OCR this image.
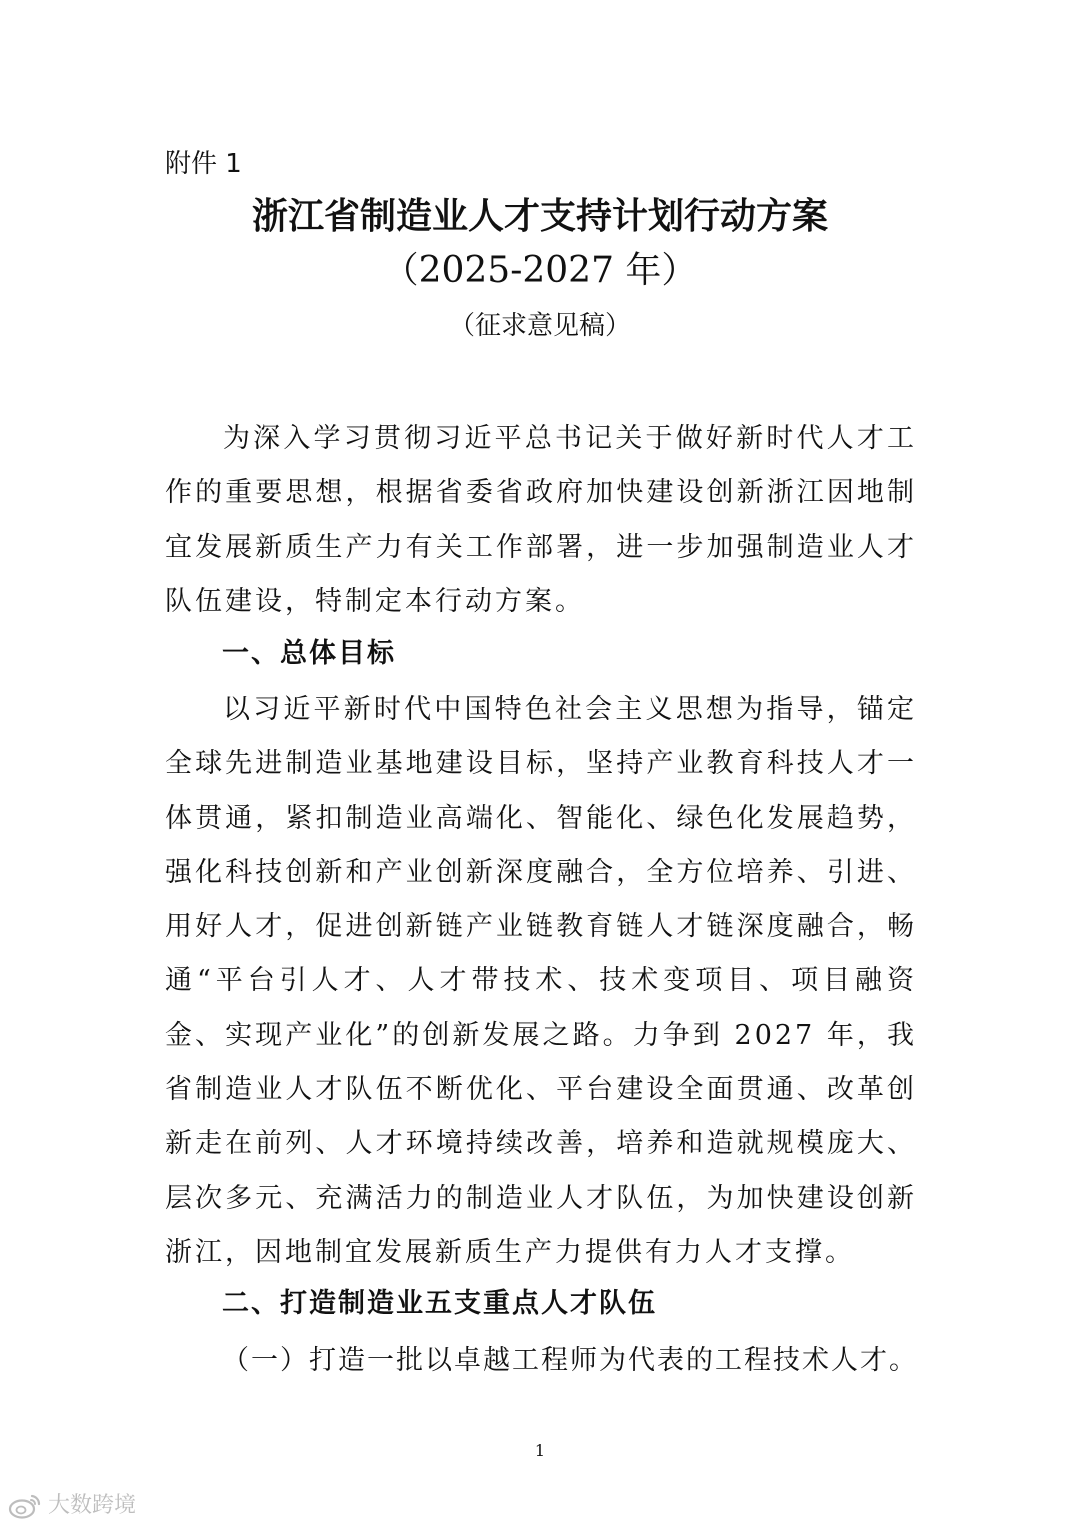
附件 1
浙江省制造业人才支持计划行动方案
（2025-2027 年）
（征求意见稿）

为深入学习贯彻习近平总书记关于做好新时代人才工作的重要思想，根据省委省政府加快建设创新浙江因地制宜发展新质生产力有关工作部署，进一步加强制造业人才队伍建设，特制定本行动方案。

一、总体目标

以习近平新时代中国特色社会主义思想为指导，锚定全球先进制造业基地建设目标，坚持产业教育科技人才一体贯通，紧扣制造业高端化、智能化、绿色化发展趋势，强化科技创新和产业创新深度融合，全方位培养、引进、用好人才，促进创新链产业链教育链人才链深度融合，畅通“平台引人才、人才带技术、技术变项目、项目融资金、实现产业化”的创新发展之路。力争到 2027 年，我省制造业人才队伍不断优化、平台建设全面贯通、改革创新走在前列、人才环境持续改善，培养和造就规模庞大、层次多元、充满活力的制造业人才队伍，为加快建设创新浙江，因地制宜发展新质生产力提供有力人才支撑。

二、打造制造业五支重点人才队伍
（一）打造一批以卓越工程师为代表的工程技术人才。
1
大数跨境
